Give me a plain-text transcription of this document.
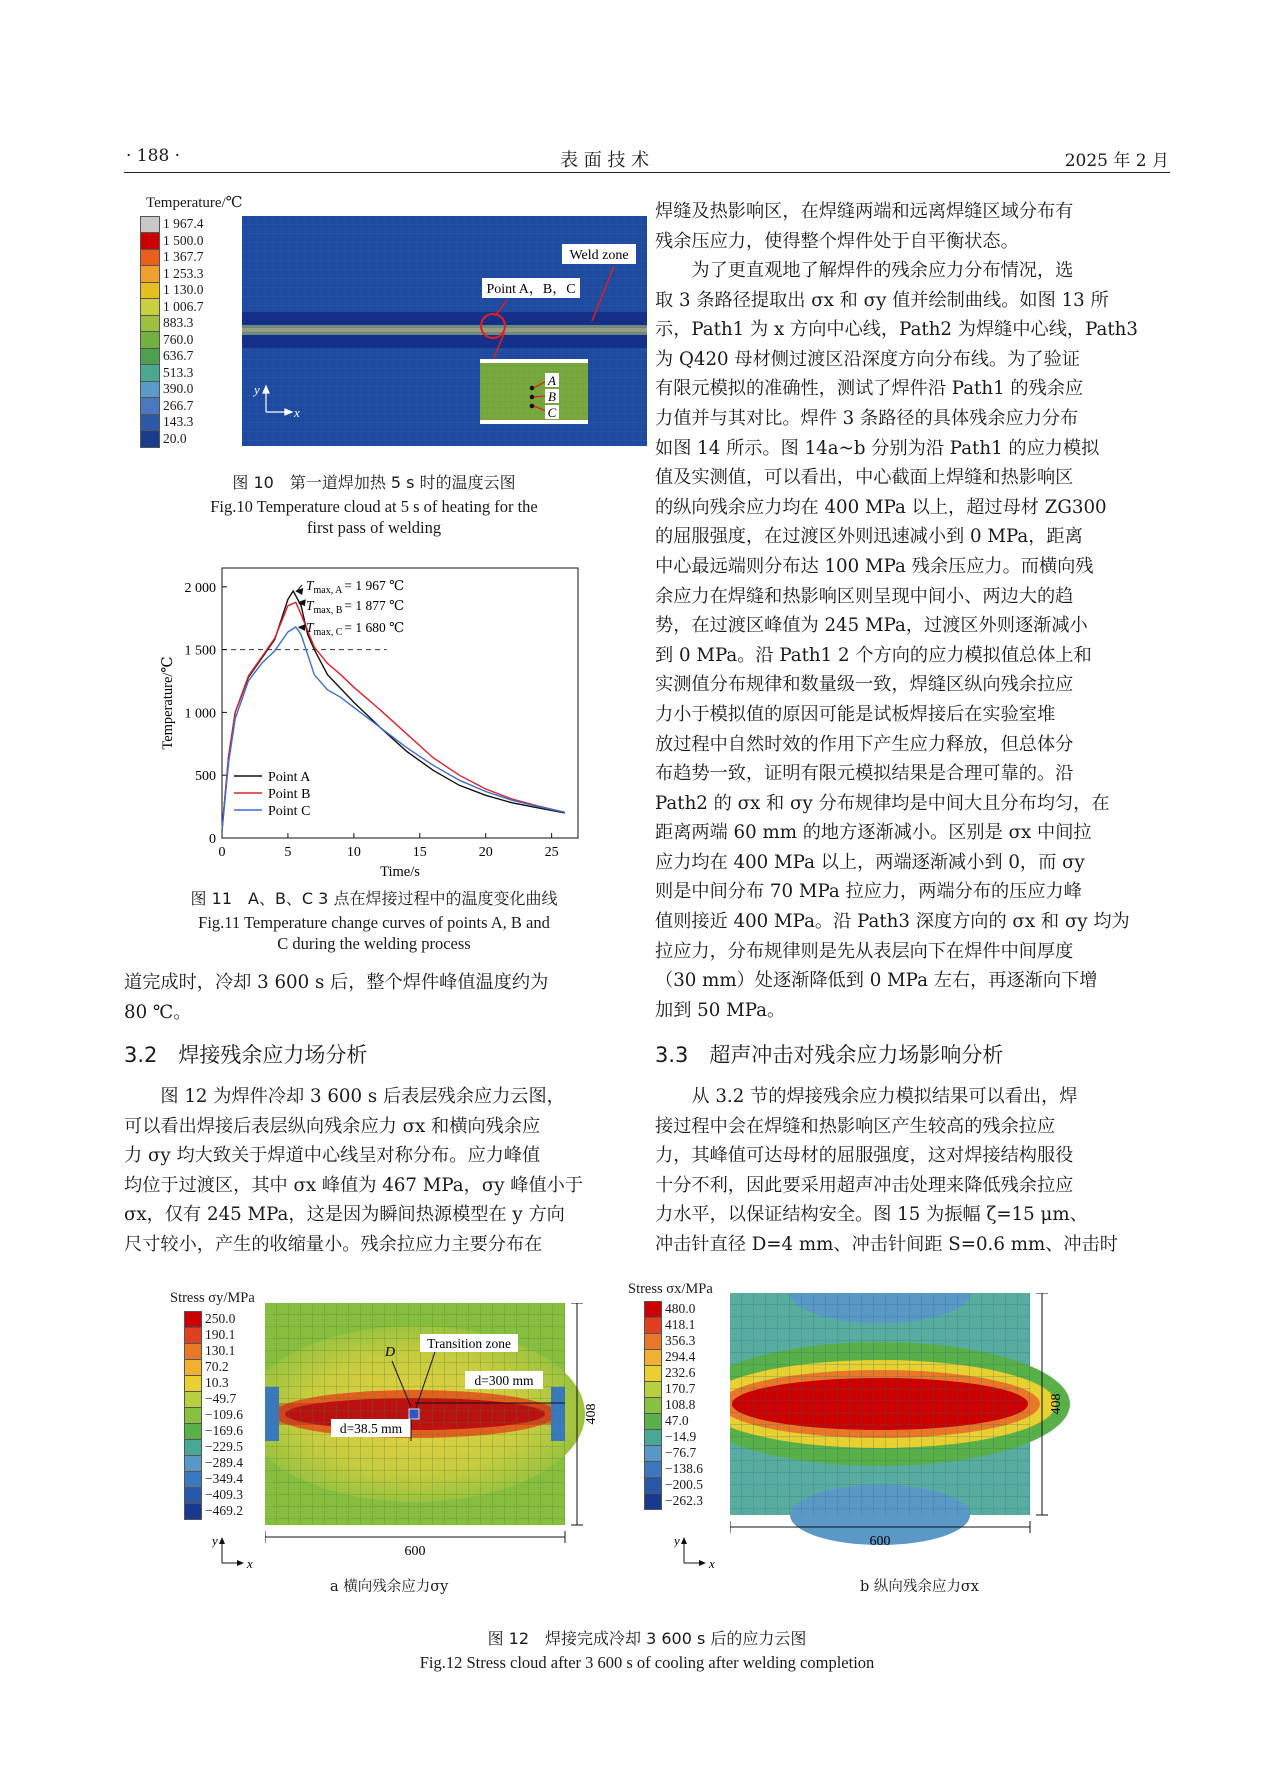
· 188 ·	表 面 技 术	2025 年 2 月
Temperature/℃
1 967.4
1 500.0
1 367.7
1 253.3
1 130.0
1 006.7
883.3
760.0
636.7
513.3
390.0
266.7
143.3
20.0
Point A，B，C
Weld zone
A
B
C
y
x
图 10　第一道焊加热 5 s 时的温度云图
Fig.10 Temperature cloud at 5 s of heating for the
first pass of welding
0	5	10	15	20	25
0
500
1 000
1 500
2 000
Time/s
Temperature/℃
$T_{max, A} = 1$ 967 ℃
$T_{max, B} = 1$ 877 ℃
$T_{max, C} = 1$ 680 ℃
Point A
Point B
Point C
图 11　A、B、C 3 点在焊接过程中的温度变化曲线
Fig.11 Temperature change curves of points A, B and
C during the welding process

道完成时，冷却 3 600 s 后，整个焊件峰值温度约为

80 ℃。

3.2　焊接残余应力场分析

图 12 为焊件冷却 3 600 s 后表层残余应力云图，

可以看出焊接后表层纵向残余应力 σx 和横向残余应

力 σy 均大致关于焊道中心线呈对称分布。应力峰值

均位于过渡区，其中 σx 峰值为 467 MPa，σy 峰值小于

σx，仅有 245 MPa，这是因为瞬间热源模型在 y 方向

尺寸较小，产生的收缩量小。残余拉应力主要分布在

焊缝及热影响区，在焊缝两端和远离焊缝区域分布有

残余压应力，使得整个焊件处于自平衡状态。

为了更直观地了解焊件的残余应力分布情况，选

取 3 条路径提取出 σx 和 σy 值并绘制曲线。如图 13 所

示，Path1 为 x 方向中心线，Path2 为焊缝中心线，Path3

为 Q420 母材侧过渡区沿深度方向分布线。为了验证

有限元模拟的准确性，测试了焊件沿 Path1 的残余应

力值并与其对比。焊件 3 条路径的具体残余应力分布

如图 14 所示。图 14a~b 分别为沿 Path1 的应力模拟

值及实测值，可以看出，中心截面上焊缝和热影响区

的纵向残余应力均在 400 MPa 以上，超过母材 ZG300

的屈服强度，在过渡区外则迅速减小到 0 MPa，距离

中心最远端则分布达 100 MPa 残余压应力。而横向残

余应力在焊缝和热影响区则呈现中间小、两边大的趋

势，在过渡区峰值为 245 MPa，过渡区外则逐渐减小

到 0 MPa。沿 Path1 2 个方向的应力模拟值总体上和

实测值分布规律和数量级一致，焊缝区纵向残余拉应

力小于模拟值的原因可能是试板焊接后在实验室堆

放过程中自然时效的作用下产生应力释放，但总体分

布趋势一致，证明有限元模拟结果是合理可靠的。沿

Path2 的 σx 和 σy 分布规律均是中间大且分布均匀，在

距离两端 60 mm 的地方逐渐减小。区别是 σx 中间拉

应力均在 400 MPa 以上，两端逐渐减小到 0，而 σy

则是中间分布 70 MPa 拉应力，两端分布的压应力峰

值则接近 400 MPa。沿 Path3 深度方向的 σx 和 σy 均为

拉应力，分布规律则是先从表层向下在焊件中间厚度

（30 mm）处逐渐降低到 0 MPa 左右，再逐渐向下增

加到 50 MPa。

3.3　超声冲击对残余应力场影响分析

从 3.2 节的焊接残余应力模拟结果可以看出，焊

接过程中会在焊缝和热影响区产生较高的残余拉应

力，其峰值可达母材的屈服强度，这对焊接结构服役

十分不利，因此要采用超声冲击处理来降低残余拉应

力水平，以保证结构安全。图 15 为振幅 ζ=15 μm、

冲击针直径 D=4 mm、冲击针间距 S=0.6 mm、冲击时

Stress σy/MPa
250.0
190.1
130.1
70.2
10.3
−49.7
−109.6
−169.6
−229.5
−289.4
−349.4
−409.3
−469.2
D
Transition zone
d=38.5 mm
d=300 mm
600
408
y
x
a 横向残余应力σy
Stress σx/MPa
480.0
418.1
356.3
294.4
232.6
170.7
108.8
47.0
−14.9
−76.7
−138.6
−200.5
−262.3
600
408
y
x
b 纵向残余应力σx
图 12　焊接完成冷却 3 600 s 后的应力云图
Fig.12 Stress cloud after 3 600 s of cooling after welding completion
